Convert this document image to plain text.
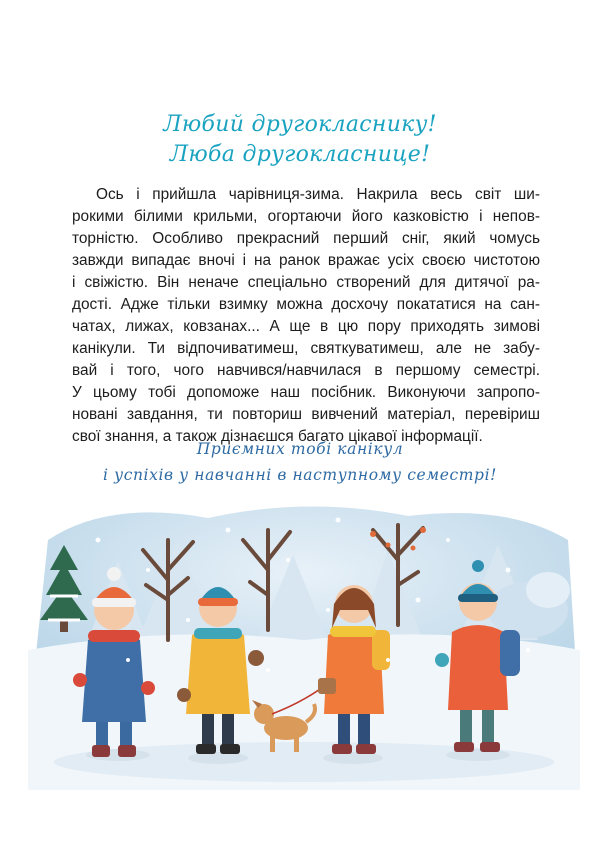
Любий другокласнику!
Люба другокласнице!
Ось і прийшла чарівниця-зима. Накрила весь світ ши-
рокими білими крильми, огортаючи його казковістю і непов-
торністю. Особливо прекрасний перший сніг, який чомусь
завжди випадає вночі і на ранок вражає усіх своєю чистотою
і свіжістю. Він неначе спеціально створений для дитячої ра-
дості. Адже тільки взимку можна досхочу покататися на сан-
чатах, лижах, ковзанах... А ще в цю пору приходять зимові
канікули. Ти відпочиватимеш, святкуватимеш, але не забу-
вай і того, чого навчився/навчилася в першому семестрі.
У цьому тобі допоможе наш посібник. Виконуючи запропо-
новані завдання, ти повториш вивчений матеріал, перевіриш
свої знання, а також дізнаєшся багато цікавої інформації.
Приємних тобі канікул
і успіхів у навчанні в наступному семестрі!
